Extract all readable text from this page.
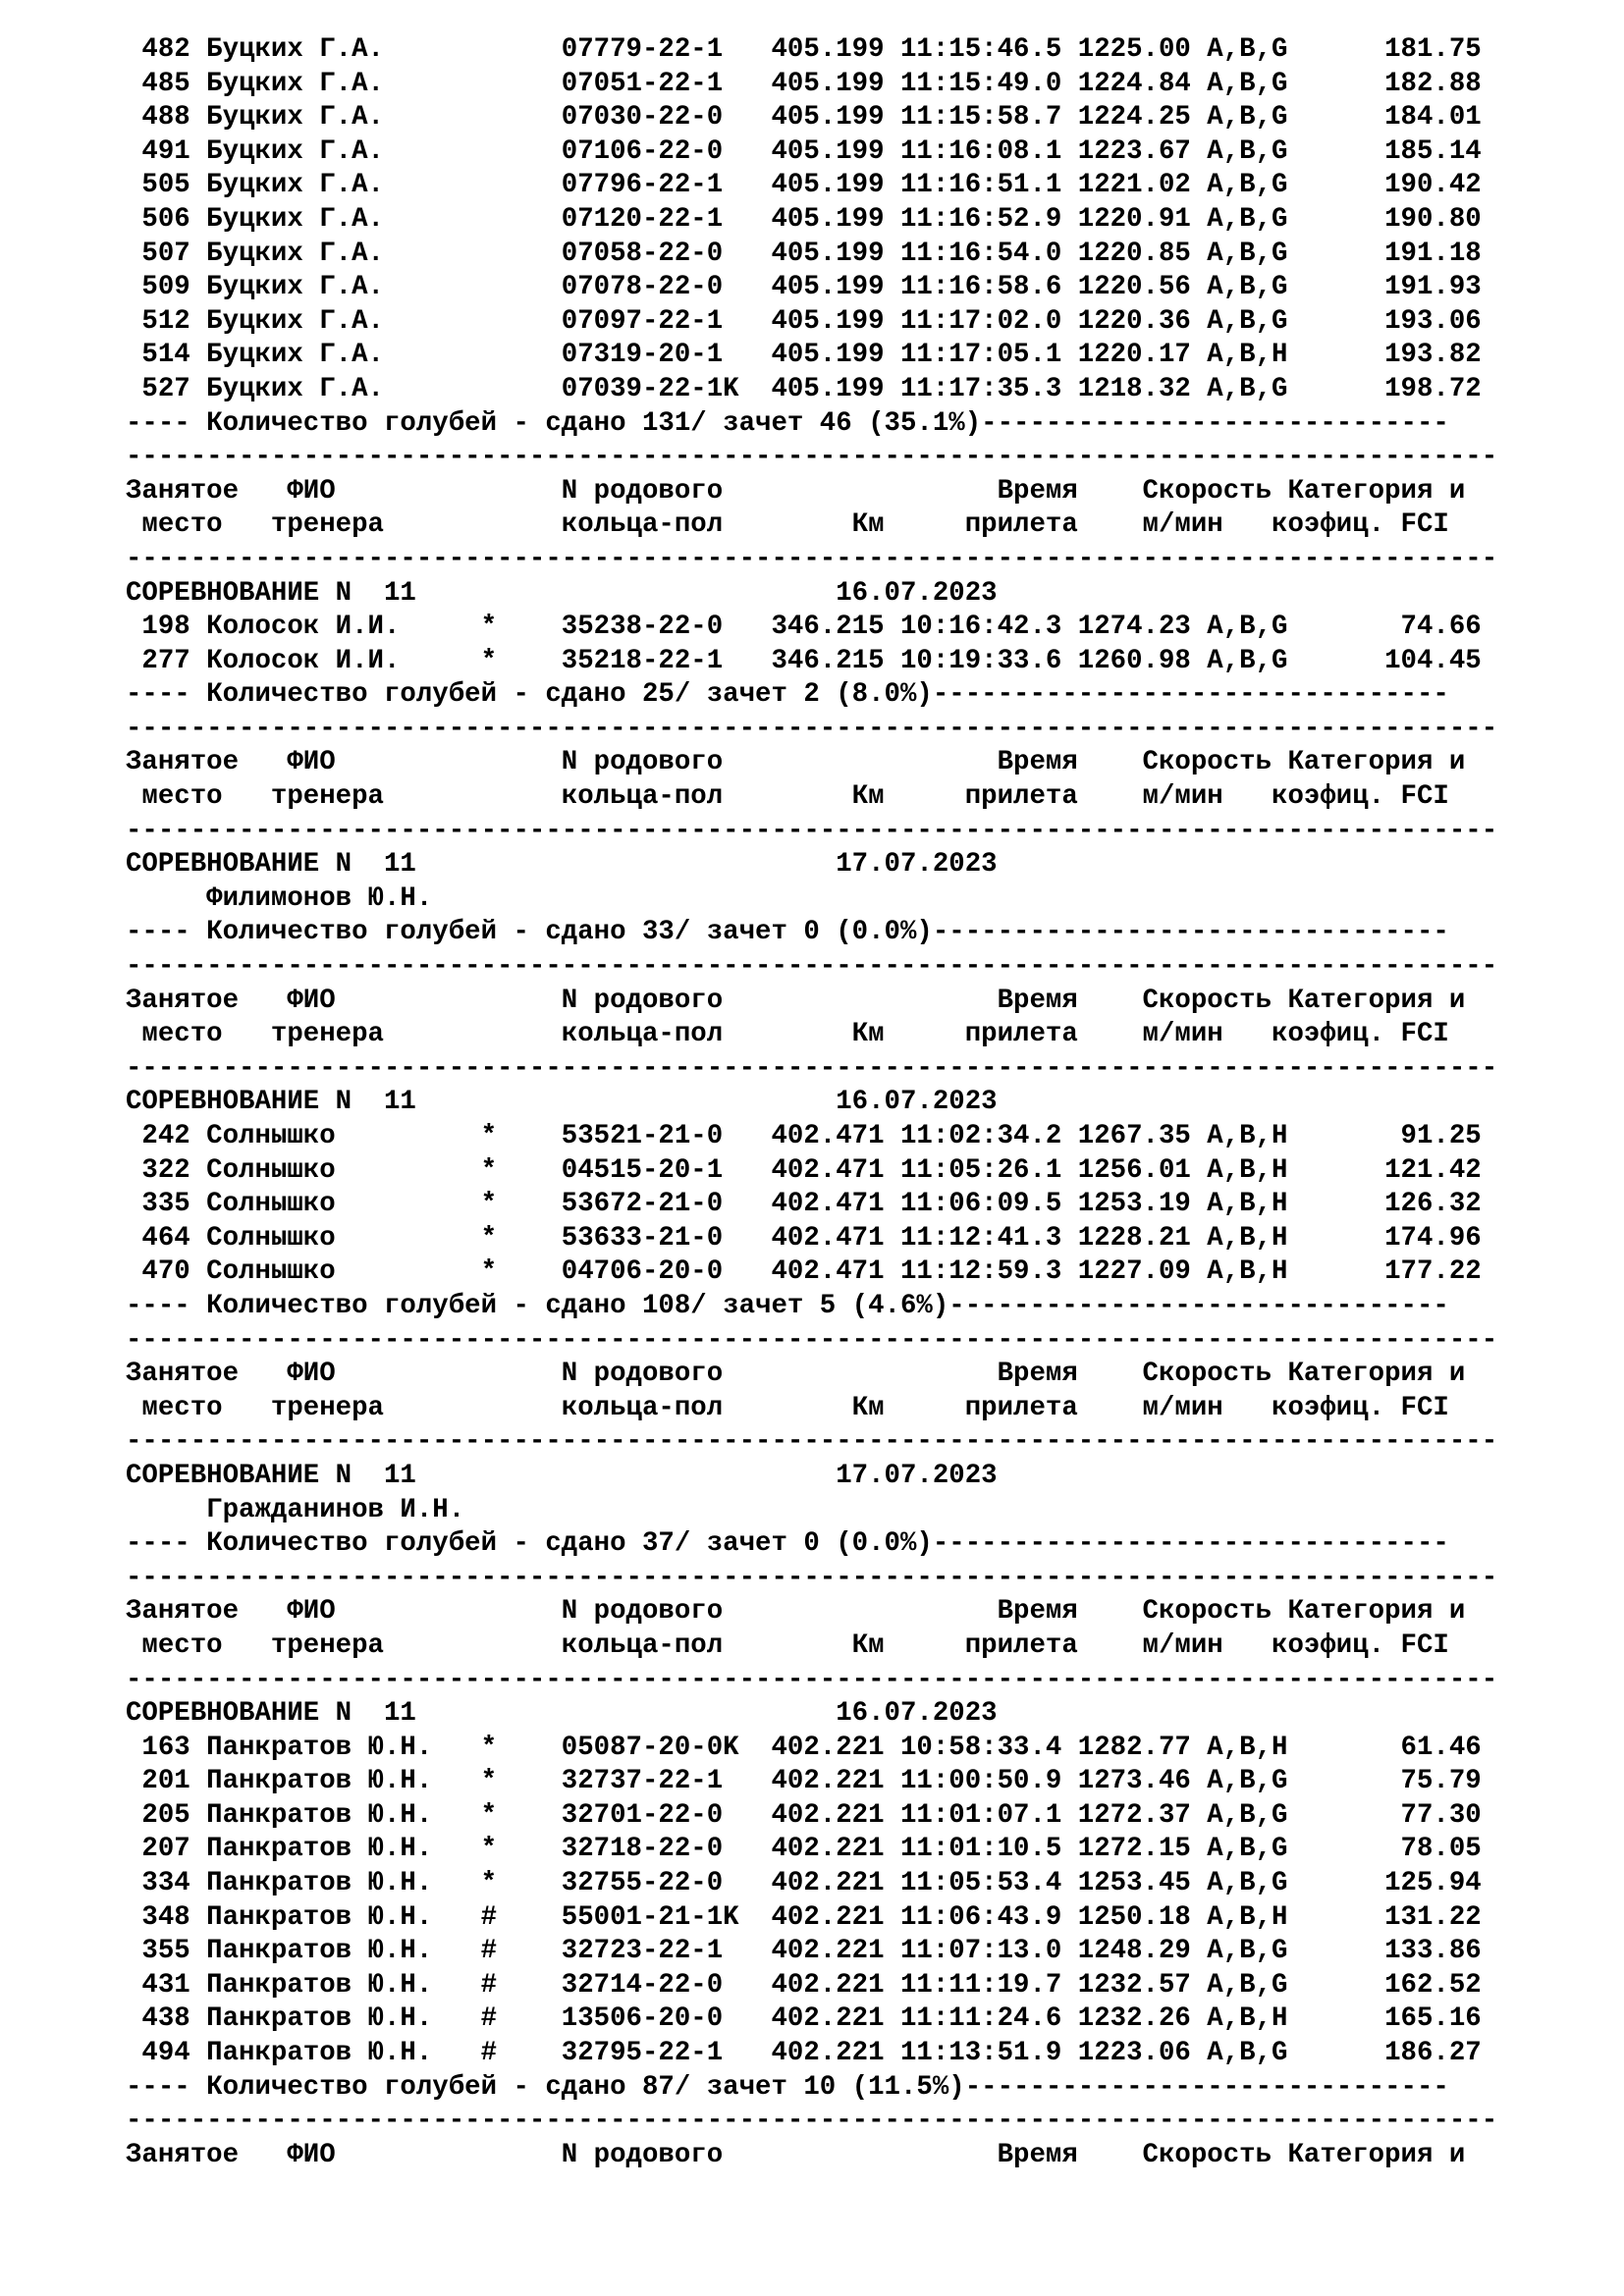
482 Буцких Г.А.           07779-22-1   405.199 11:15:46.5 1225.00 A,B,G      181.75
485 Буцких Г.А.           07051-22-1   405.199 11:15:49.0 1224.84 A,B,G      182.88
488 Буцких Г.А.           07030-22-0   405.199 11:15:58.7 1224.25 A,B,G      184.01
491 Буцких Г.А.           07106-22-0   405.199 11:16:08.1 1223.67 A,B,G      185.14
505 Буцких Г.А.           07796-22-1   405.199 11:16:51.1 1221.02 A,B,G      190.42
506 Буцких Г.А.           07120-22-1   405.199 11:16:52.9 1220.91 A,B,G      190.80
507 Буцких Г.А.           07058-22-0   405.199 11:16:54.0 1220.85 A,B,G      191.18
509 Буцких Г.А.           07078-22-0   405.199 11:16:58.6 1220.56 A,B,G      191.93
512 Буцких Г.А.           07097-22-1   405.199 11:17:02.0 1220.36 A,B,G      193.06
514 Буцких Г.А.           07319-20-1   405.199 11:17:05.1 1220.17 A,B,H      193.82
527 Буцких Г.А.           07039-22-1K  405.199 11:17:35.3 1218.32 A,B,G      198.72
---- Количество голубей - сдано 131/ зачет 46 (35.1%)-----------------------------
-------------------------------------------------------------------------------------
Занятое   ФИО              N родового                 Время    Скорость Категория и
место   тренера           кольца-пол        Км     прилета    м/мин   коэфиц. FCI
-------------------------------------------------------------------------------------
СОРЕВНОВАНИЕ N  11                          16.07.2023
198 Колосок И.И.     *    35238-22-0   346.215 10:16:42.3 1274.23 A,B,G       74.66
277 Колосок И.И.     *    35218-22-1   346.215 10:19:33.6 1260.98 A,B,G      104.45
---- Количество голубей - сдано 25/ зачет 2 (8.0%)--------------------------------
-------------------------------------------------------------------------------------
Занятое   ФИО              N родового                 Время    Скорость Категория и
место   тренера           кольца-пол        Км     прилета    м/мин   коэфиц. FCI
-------------------------------------------------------------------------------------
СОРЕВНОВАНИЕ N  11                          17.07.2023
Филимонов Ю.Н.
---- Количество голубей - сдано 33/ зачет 0 (0.0%)--------------------------------
-------------------------------------------------------------------------------------
Занятое   ФИО              N родового                 Время    Скорость Категория и
место   тренера           кольца-пол        Км     прилета    м/мин   коэфиц. FCI
-------------------------------------------------------------------------------------
СОРЕВНОВАНИЕ N  11                          16.07.2023
242 Солнышко         *    53521-21-0   402.471 11:02:34.2 1267.35 A,B,H       91.25
322 Солнышко         *    04515-20-1   402.471 11:05:26.1 1256.01 A,B,H      121.42
335 Солнышко         *    53672-21-0   402.471 11:06:09.5 1253.19 A,B,H      126.32
464 Солнышко         *    53633-21-0   402.471 11:12:41.3 1228.21 A,B,H      174.96
470 Солнышко         *    04706-20-0   402.471 11:12:59.3 1227.09 A,B,H      177.22
---- Количество голубей - сдано 108/ зачет 5 (4.6%)-------------------------------
-------------------------------------------------------------------------------------
Занятое   ФИО              N родового                 Время    Скорость Категория и
место   тренера           кольца-пол        Км     прилета    м/мин   коэфиц. FCI
-------------------------------------------------------------------------------------
СОРЕВНОВАНИЕ N  11                          17.07.2023
Гражданинов И.Н.
---- Количество голубей - сдано 37/ зачет 0 (0.0%)--------------------------------
-------------------------------------------------------------------------------------
Занятое   ФИО              N родового                 Время    Скорость Категория и
место   тренера           кольца-пол        Км     прилета    м/мин   коэфиц. FCI
-------------------------------------------------------------------------------------
СОРЕВНОВАНИЕ N  11                          16.07.2023
163 Панкратов Ю.Н.   *    05087-20-0K  402.221 10:58:33.4 1282.77 A,B,H       61.46
201 Панкратов Ю.Н.   *    32737-22-1   402.221 11:00:50.9 1273.46 A,B,G       75.79
205 Панкратов Ю.Н.   *    32701-22-0   402.221 11:01:07.1 1272.37 A,B,G       77.30
207 Панкратов Ю.Н.   *    32718-22-0   402.221 11:01:10.5 1272.15 A,B,G       78.05
334 Панкратов Ю.Н.   *    32755-22-0   402.221 11:05:53.4 1253.45 A,B,G      125.94
348 Панкратов Ю.Н.   #    55001-21-1K  402.221 11:06:43.9 1250.18 A,B,H      131.22
355 Панкратов Ю.Н.   #    32723-22-1   402.221 11:07:13.0 1248.29 A,B,G      133.86
431 Панкратов Ю.Н.   #    32714-22-0   402.221 11:11:19.7 1232.57 A,B,G      162.52
438 Панкратов Ю.Н.   #    13506-20-0   402.221 11:11:24.6 1232.26 A,B,H      165.16
494 Панкратов Ю.Н.   #    32795-22-1   402.221 11:13:51.9 1223.06 A,B,G      186.27
---- Количество голубей - сдано 87/ зачет 10 (11.5%)------------------------------
-------------------------------------------------------------------------------------
Занятое   ФИО              N родового                 Время    Скорость Категория и
